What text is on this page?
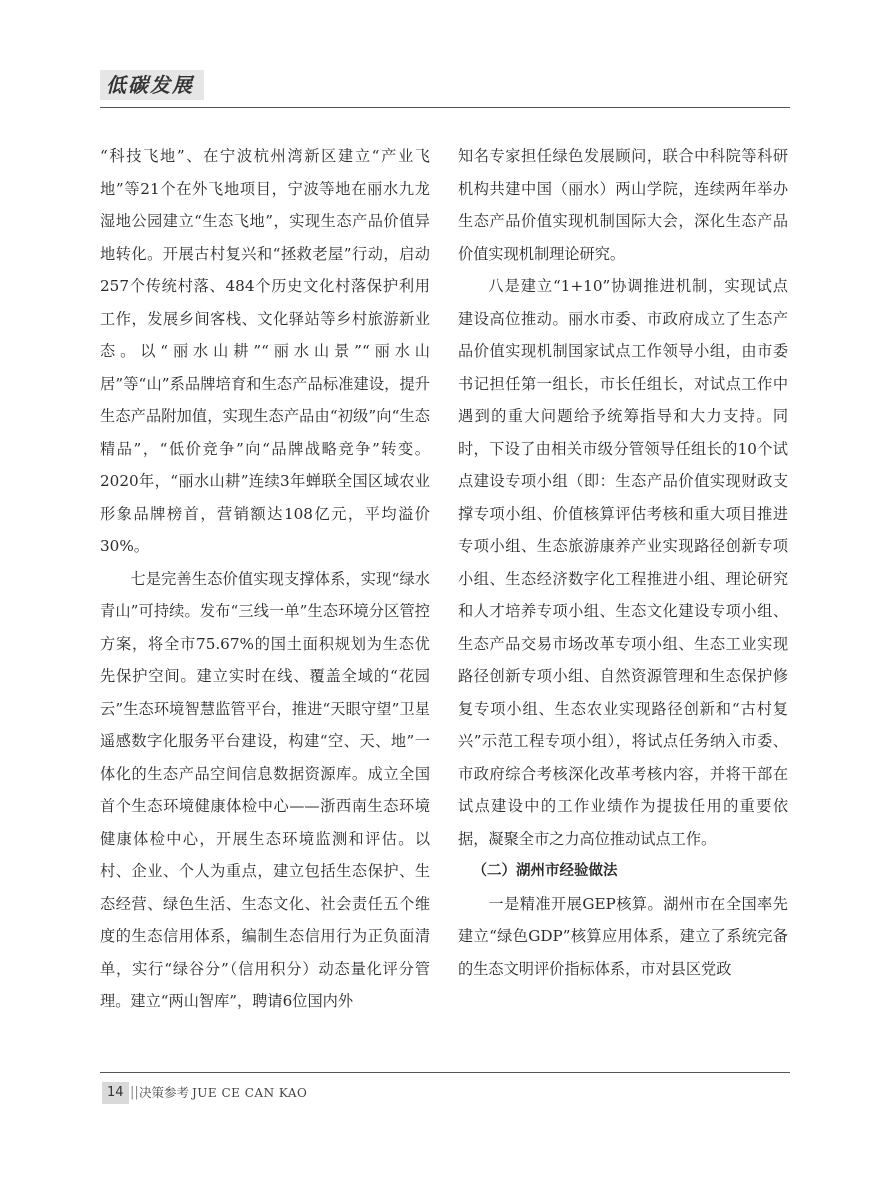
低碳发展

“科技飞地”、在宁波杭州湾新区建立“产业飞地”等21个在外飞地项目，宁波等地在丽水九龙湿地公园建立“生态飞地”，实现生态产品价值异地转化。开展古村复兴和“拯救老屋”行动，启动257个传统村落、484个历史文化村落保护利用工作，发展乡间客栈、文化驿站等乡村旅游新业态。以“丽水山耕”“丽水山景”“丽水山居”等“山”系品牌培育和生态产品标准建设，提升生态产品附加值，实现生态产品由“初级”向“生态精品”，“低价竞争”向“品牌战略竞争”转变。2020年，“丽水山耕”连续3年蝉联全国区域农业形象品牌榜首，营销额达108亿元，平均溢价30%。

七是完善生态价值实现支撑体系，实现“绿水青山”可持续。发布“三线一单”生态环境分区管控方案，将全市75.67%的国土面积规划为生态优先保护空间。建立实时在线、覆盖全域的“花园云”生态环境智慧监管平台，推进“天眼守望”卫星遥感数字化服务平台建设，构建“空、天、地”一体化的生态产品空间信息数据资源库。成立全国首个生态环境健康体检中心——浙西南生态环境健康体检中心，开展生态环境监测和评估。以村、企业、个人为重点，建立包括生态保护、生态经营、绿色生活、生态文化、社会责任五个维度的生态信用体系，编制生态信用行为正负面清单，实行“绿谷分”（信用积分）动态量化评分管理。建立“两山智库”，聘请6位国内外

知名专家担任绿色发展顾问，联合中科院等科研机构共建中国（丽水）两山学院，连续两年举办生态产品价值实现机制国际大会，深化生态产品价值实现机制理论研究。

八是建立“1+10”协调推进机制，实现试点建设高位推动。丽水市委、市政府成立了生态产品价值实现机制国家试点工作领导小组，由市委书记担任第一组长，市长任组长，对试点工作中遇到的重大问题给予统筹指导和大力支持。同时，下设了由相关市级分管领导任组长的10个试点建设专项小组（即：生态产品价值实现财政支撑专项小组、价值核算评估考核和重大项目推进专项小组、生态旅游康养产业实现路径创新专项小组、生态经济数字化工程推进小组、理论研究和人才培养专项小组、生态文化建设专项小组、生态产品交易市场改革专项小组、生态工业实现路径创新专项小组、自然资源管理和生态保护修复专项小组、生态农业实现路径创新和“古村复兴”示范工程专项小组），将试点任务纳入市委、市政府综合考核深化改革考核内容，并将干部在试点建设中的工作业绩作为提拔任用的重要依据，凝聚全市之力高位推动试点工作。

（二）湖州市经验做法

一是精准开展GEP核算。湖州市在全国率先建立“绿色GDP”核算应用体系，建立了系统完备的生态文明评价指标体系，市对县区党政

14 || 决策参考 JUE CE CAN KAO
